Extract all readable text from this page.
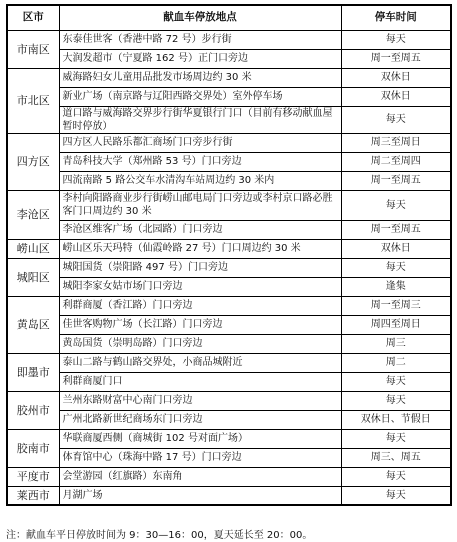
区市	献血车停放地点	停车时间
市南区	东泰佳世客（香港中路 72 号）步行街	每天
	大润发超市（宁夏路 162 号）正门口旁边	周一至周五
市北区	威海路妇女儿童用品批发市场周边约 30 米	双休日
	新业广场（南京路与辽阳西路交界处）室外停车场	双休日
	道口路与威海路交界步行街华夏银行门口（目前有移动献血屋暂时停放）	每天
四方区	四方区人民路乐都汇商场门口旁步行街	周三至周日
	青岛科技大学（郑州路 53 号）门口旁边	周二至周四
	四流南路 5 路公交车水清沟车站周边约 30 米内	周一至周五
李沧区	李村向阳路商业步行街崂山邮电局门口旁边或李村京口路必胜客门口周边约 30 米	每天
	李沧区维客广场（北园路）门口旁边	周一至周五
崂山区	崂山区乐天玛特（仙霞岭路 27 号）门口周边约 30 米	双休日
城阳区	城阳国货（崇阳路 497 号）门口旁边	每天
	城阳李家女姑市场门口旁边	逢集
黄岛区	利群商厦（香江路）门口旁边	周一至周三
	佳世客购物广场（长江路）门口旁边	周四至周日
	黄岛国货（崇明岛路）门口旁边	周三
即墨市	泰山二路与鹤山路交界处，小商品城附近	周二
	利群商厦门口	每天
胶州市	兰州东路财富中心南门口旁边	每天
	广州北路新世纪商场东门口旁边	双休日、节假日
胶南市	华联商厦西侧（商城街 102 号对面广场）	每天
	体育馆中心（珠海中路 17 号）门口旁边	周三、周五
平度市	会堂游园（红旗路）东南角	每天
莱西市	月湖广场	每天
注：献血车平日停放时间为 9：30—16：00，夏天延长至 20：00。
